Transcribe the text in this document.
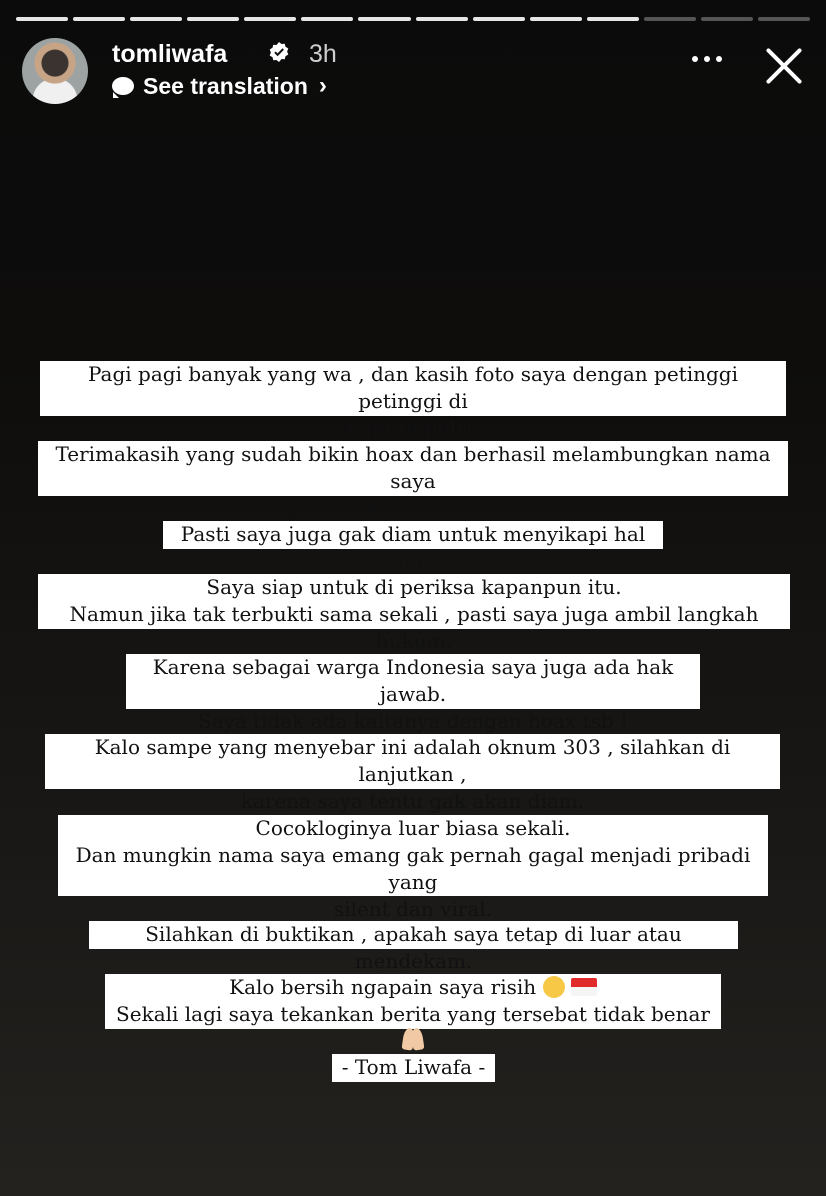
tomliwafa	3h
See translation ›
Pagi pagi banyak yang wa , dan kasih foto saya dengan petinggi petinggi di
jajaran polri.
Terimakasih yang sudah bikin hoax dan berhasil melambungkan nama saya
meski memang itu termasuk pencemaran nama baik.
Pasti saya juga gak diam untuk menyikapi hal ini.
Saya siap untuk di periksa kapanpun itu.
Namun jika tak terbukti sama sekali , pasti saya juga ambil langkah hukum.
Karena sebagai warga Indonesia saya juga ada hak jawab.
Saya tidak ada kaitanya dengan hoax tsb !
Kalo sampe yang menyebar ini adalah oknum 303 , silahkan di lanjutkan ,
karena saya tentu gak akan diam.
Cocokloginya luar biasa sekali.
Dan mungkin nama saya emang gak pernah gagal menjadi pribadi yang
silent dan viral.
Silahkan di buktikan , apakah saya tetap di luar atau mendekam.
Kalo bersih ngapain saya risih
Sekali lagi saya tekankan berita yang tersebat tidak benar
- Tom Liwafa -
